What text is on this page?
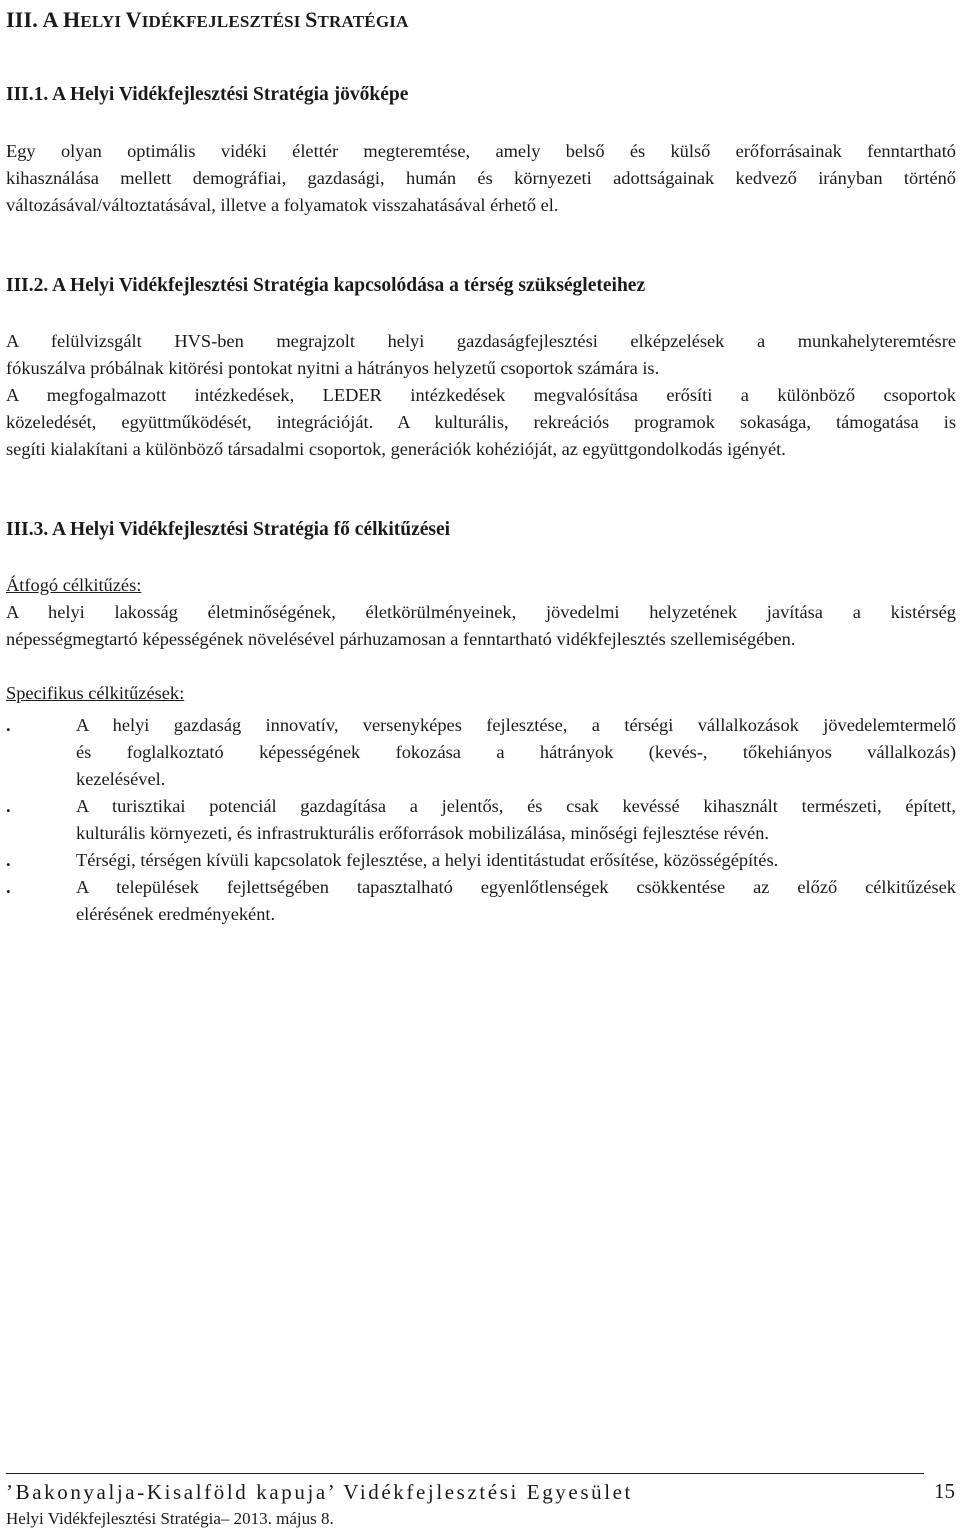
III. A HELYI VIDÉKFEJLESZTÉSI STRATÉGIA
III.1. A Helyi Vidékfejlesztési Stratégia jövőképe
Egy olyan optimális vidéki élettér megteremtése, amely belső és külső erőforrásainak fenntartható
kihasználása mellett demográfiai, gazdasági, humán és környezeti adottságainak kedvező irányban történő
változásával/változtatásával, illetve a folyamatok visszahatásával érhető el.
III.2. A Helyi Vidékfejlesztési Stratégia kapcsolódása a térség szükségleteihez
A felülvizsgált HVS-ben megrajzolt helyi gazdaságfejlesztési elképzelések a munkahelyteremtésre
fókuszálva próbálnak kitörési pontokat nyitni a hátrányos helyzetű csoportok számára is.
A megfogalmazott intézkedések, LEDER intézkedések megvalósítása erősíti a különböző csoportok
közeledését, együttműködését, integrációját. A kulturális, rekreációs programok sokasága, támogatása is
segíti kialakítani a különböző társadalmi csoportok, generációk kohézióját, az együttgondolkodás igényét.
III.3. A Helyi Vidékfejlesztési Stratégia fő célkitűzései
Átfogó célkitűzés:
A helyi lakosság életminőségének, életkörülményeinek, jövedelmi helyzetének javítása a kistérség
népességmegtartó képességének növelésével párhuzamosan a fenntartható vidékfejlesztés szellemiségében.
Specifikus célkitűzések:
.	A helyi gazdaság innovatív, versenyképes fejlesztése, a térségi vállalkozások jövedelemtermelő
és foglalkoztató képességének fokozása a hátrányok (kevés-, tőkehiányos vállalkozás)
kezelésével.
.	A turisztikai potenciál gazdagítása a jelentős, és csak kevéssé kihasznált természeti, épített,
kulturális környezeti, és infrastrukturális erőforrások mobilizálása, minőségi fejlesztése révén.
.	Térségi, térségen kívüli kapcsolatok fejlesztése, a helyi identitástudat erősítése, közösségépítés.
.	A települések fejlettségében tapasztalható egyenlőtlenségek csökkentése az előző célkitűzések
elérésének eredményeként.
’Bakonyalja-Kisalföld kapuja’ Vidékfejlesztési Egyesület	15
Helyi Vidékfejlesztési Stratégia– 2013. május 8.
